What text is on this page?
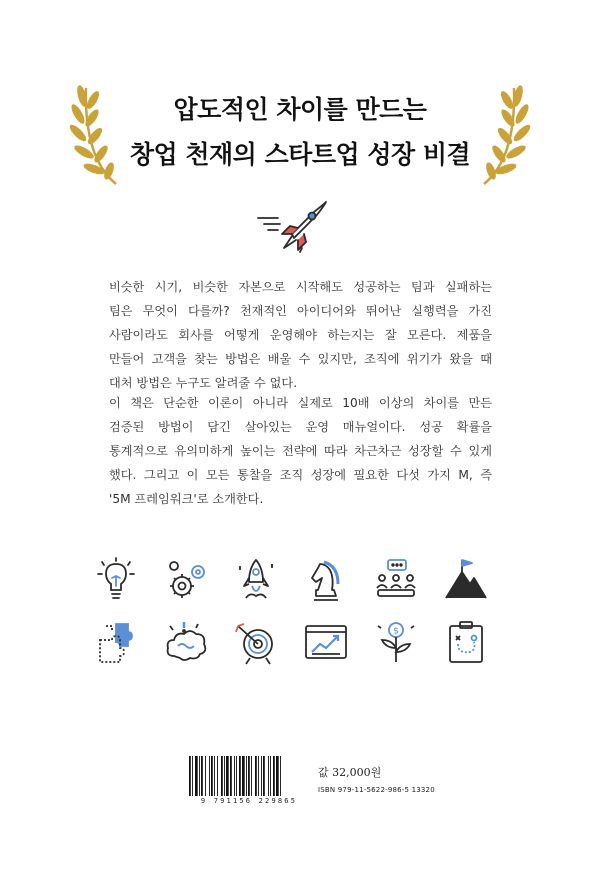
압도적인 차이를 만드는
창업 천재의 스타트업 성장 비결
비슷한 시기, 비슷한 자본으로 시작해도 성공하는 팀과 실패하는
팀은 무엇이 다를까? 천재적인 아이디어와 뛰어난 실행력을 가진
사람이라도 회사를 어떻게 운영해야 하는지는 잘 모른다. 제품을
만들어 고객을 찾는 방법은 배울 수 있지만, 조직에 위기가 왔을 때
대처 방법은 누구도 알려줄 수 없다.
이 책은 단순한 이론이 아니라 실제로 10배 이상의 차이를 만든
검증된 방법이 담긴 살아있는 운영 매뉴얼이다. 성공 확률을
통계적으로 유의미하게 높이는 전략에 따라 차근차근 성장할 수 있게
했다. 그리고 이 모든 통찰을 조직 성장에 필요한 다섯 가지 M, 즉
'5M 프레임워크'로 소개한다.
$
9 791156 229865
값 32,000원
ISBN 979-11-5622-986-5 13320
